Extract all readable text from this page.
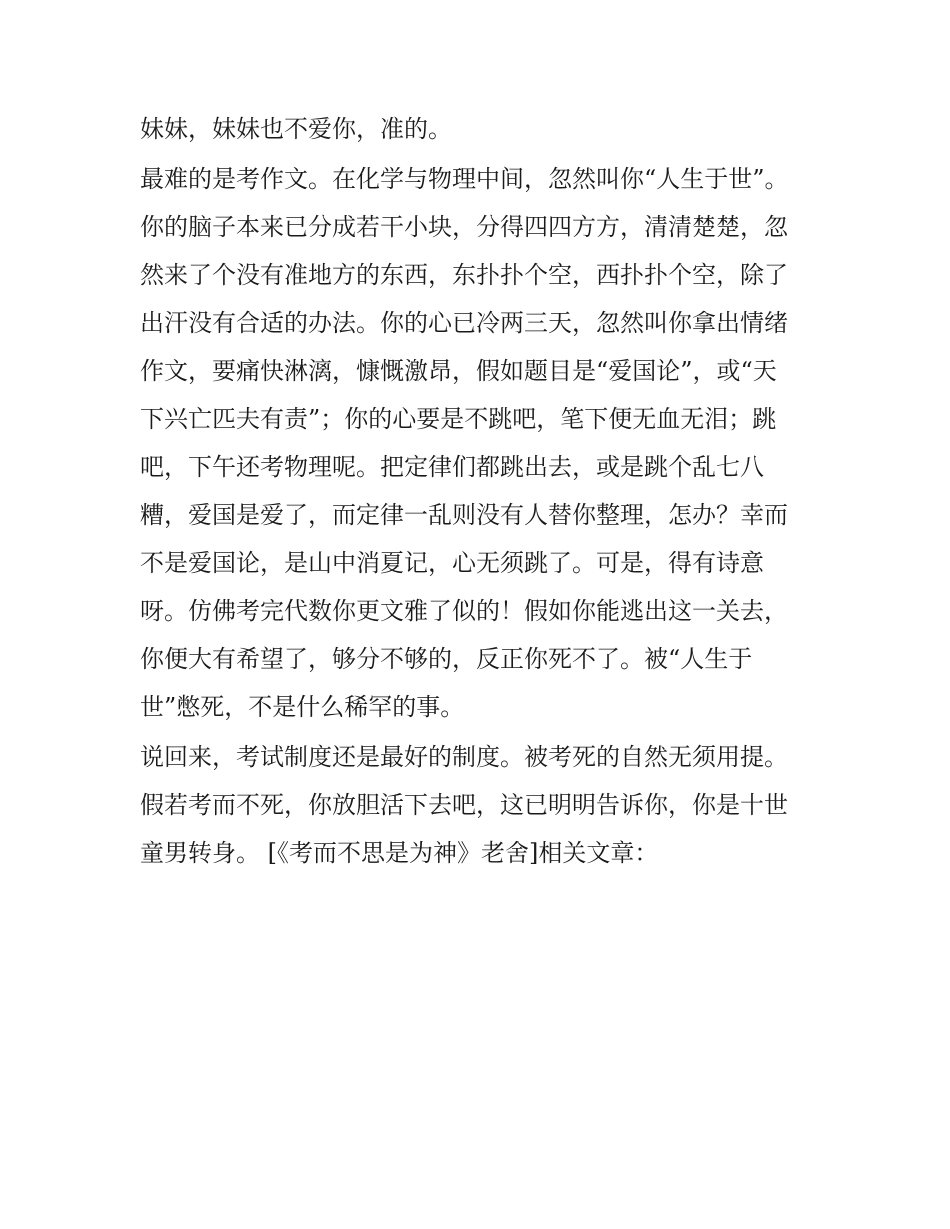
妹妹，妹妹也不爱你，准的。
最难的是考作文。在化学与物理中间，忽然叫你“人生于世”。
你的脑子本来已分成若干小块，分得四四方方，清清楚楚，忽
然来了个没有准地方的东西，东扑扑个空，西扑扑个空，除了
出汗没有合适的办法。你的心已冷两三天，忽然叫你拿出情绪
作文，要痛快淋漓，慷慨激昂，假如题目是“爱国论”，或“天
下兴亡匹夫有责”；你的心要是不跳吧，笔下便无血无泪；跳
吧，下午还考物理呢。把定律们都跳出去，或是跳个乱七八
糟，爱国是爱了，而定律一乱则没有人替你整理，怎办？幸而
不是爱国论，是山中消夏记，心无须跳了。可是，得有诗意
呀。仿佛考完代数你更文雅了似的！假如你能逃出这一关去，
你便大有希望了，够分不够的，反正你死不了。被“人生于
世”憋死，不是什么稀罕的事。
说回来，考试制度还是最好的制度。被考死的自然无须用提。
假若考而不死，你放胆活下去吧，这已明明告诉你，你是十世
童男转身。 [《考而不思是为神》老舍]相关文章：
